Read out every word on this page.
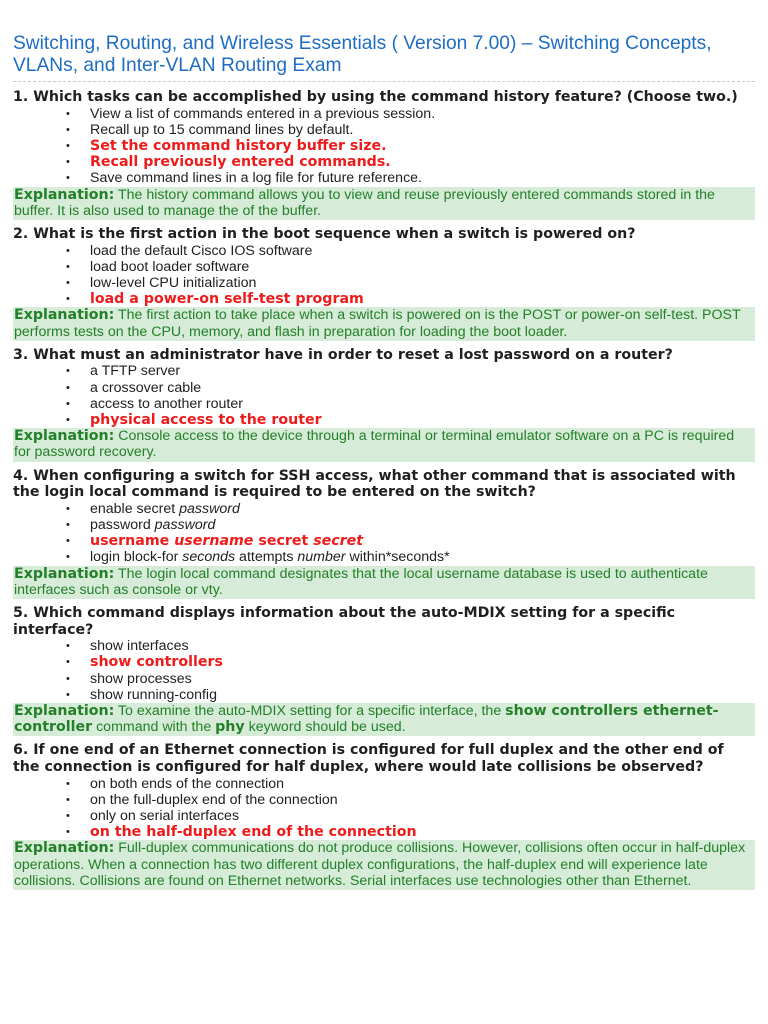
Switching, Routing, and Wireless Essentials ( Version 7.00) – Switching Concepts, VLANs, and Inter-VLAN Routing Exam

1. Which tasks can be accomplished by using the command history feature? (Choose two.)

• View a list of commands entered in a previous session.
• Recall up to 15 command lines by default.
• Set the command history buffer size.
• Recall previously entered commands.
• Save command lines in a log file for future reference.
Explanation: The history command allows you to view and reuse previously entered commands stored in the buffer. It is also used to manage the of the buffer.

2. What is the first action in the boot sequence when a switch is powered on?

• load the default Cisco IOS software
• load boot loader software
• low-level CPU initialization
• load a power-on self-test program
Explanation: The first action to take place when a switch is powered on is the POST or power-on self-test. POST performs tests on the CPU, memory, and flash in preparation for loading the boot loader.

3. What must an administrator have in order to reset a lost password on a router?

• a TFTP server
• a crossover cable
• access to another router
• physical access to the router
Explanation: Console access to the device through a terminal or terminal emulator software on a PC is required for password recovery.

4. When configuring a switch for SSH access, what other command that is associated with the login local command is required to be entered on the switch?

• enable secret password
• password password
• username username secret secret
• login block-for seconds attempts number within*seconds*
Explanation: The login local command designates that the local username database is used to authenticate interfaces such as console or vty.

5. Which command displays information about the auto-MDIX setting for a specific interface?

• show interfaces
• show controllers
• show processes
• show running-config
Explanation: To examine the auto-MDIX setting for a specific interface, the show controllers ethernet-controller command with the phy keyword should be used.

6. If one end of an Ethernet connection is configured for full duplex and the other end of the connection is configured for half duplex, where would late collisions be observed?

• on both ends of the connection
• on the full-duplex end of the connection
• only on serial interfaces
• on the half-duplex end of the connection
Explanation: Full-duplex communications do not produce collisions. However, collisions often occur in half-duplex operations. When a connection has two different duplex configurations, the half-duplex end will experience late collisions. Collisions are found on Ethernet networks. Serial interfaces use technologies other than Ethernet.
